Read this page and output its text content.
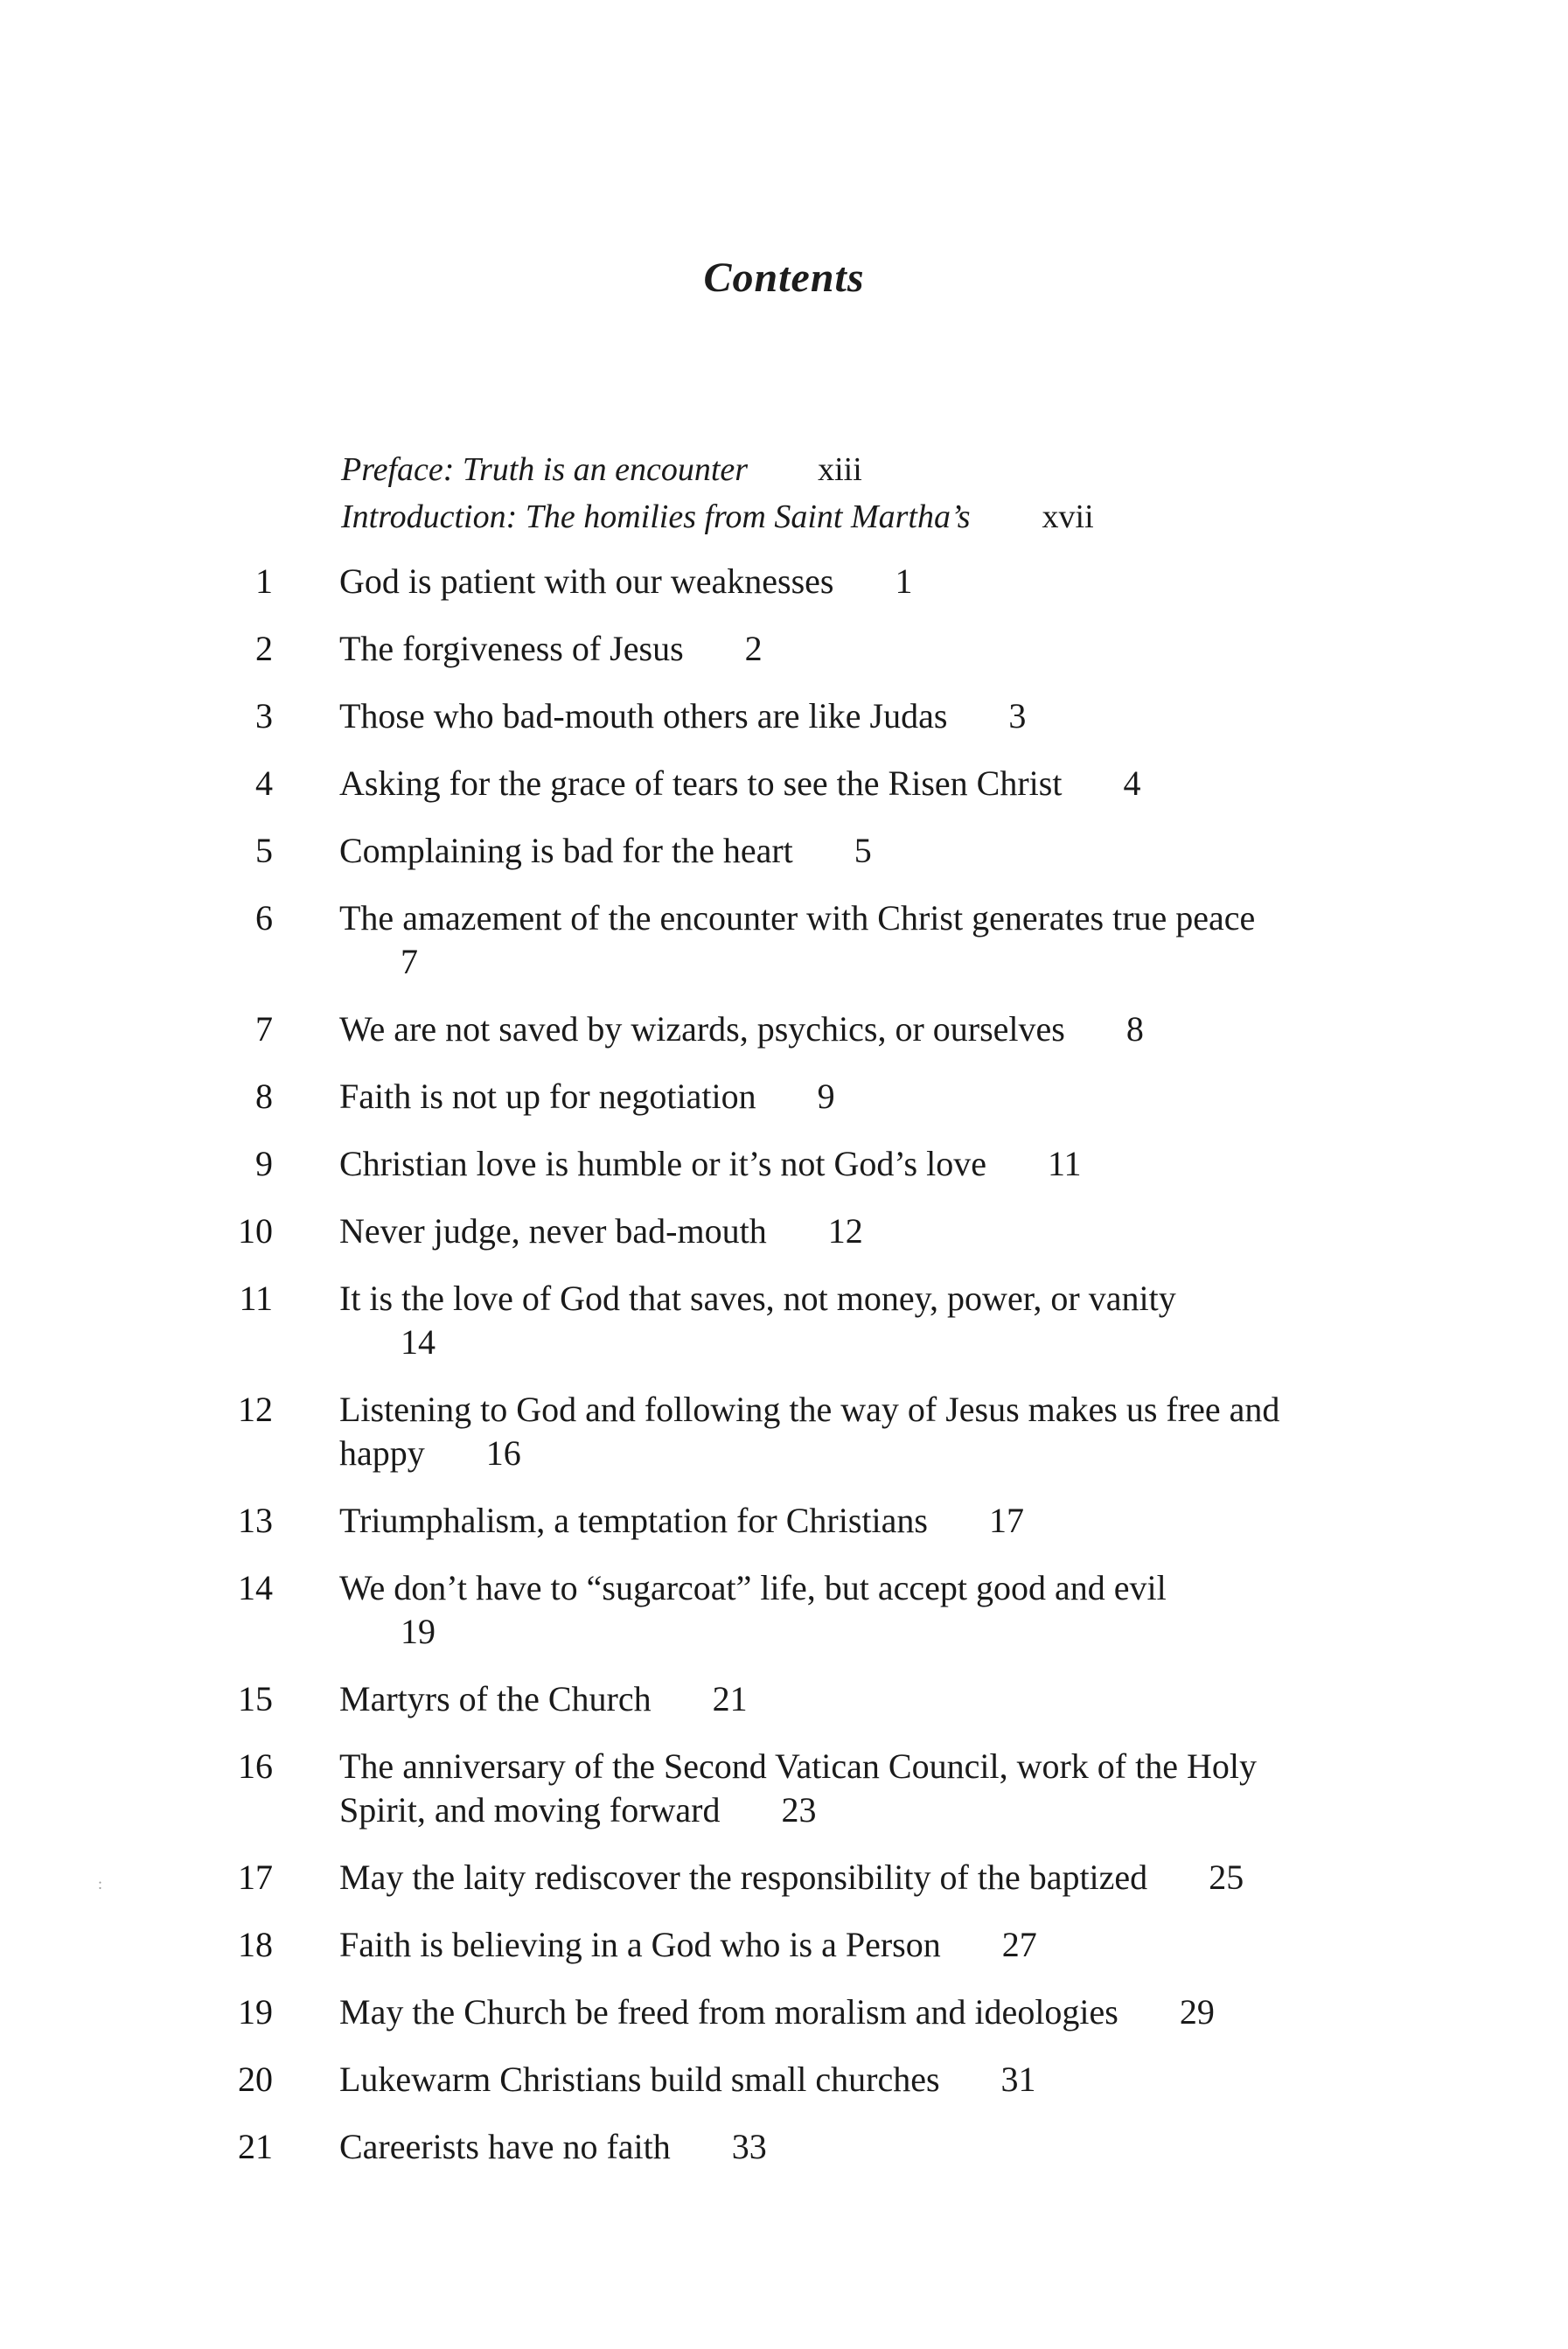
Contents
Preface: Truth is an encounter xiii
Introduction: The homilies from Saint Martha’s xvii
1 God is patient with our weaknesses 1
2 The forgiveness of Jesus 2
3 Those who bad-mouth others are like Judas 3
4 Asking for the grace of tears to see the Risen Christ 4
5 Complaining is bad for the heart 5
6 The amazement of the encounter with Christ generates true peace7
7 We are not saved by wizards, psychics, or ourselves 8
8 Faith is not up for negotiation 9
9 Christian love is humble or it’s not God’s love 11
10 Never judge, never bad-mouth 12
11 It is the love of God that saves, not money, power, or vanity14
12 Listening to God and following the way of Jesus makes us free and happy 16
13 Triumphalism, a temptation for Christians 17
14 We don’t have to “sugarcoat” life, but accept good and evil19
15 Martyrs of the Church 21
16 The anniversary of the Second Vatican Council, work of the Holy Spirit, and moving forward 23
17 May the laity rediscover the responsibility of the baptized 25
18 Faith is believing in a God who is a Person 27
19 May the Church be freed from moralism and ideologies 29
20 Lukewarm Christians build small churches 31
21 Careerists have no faith 33
:
